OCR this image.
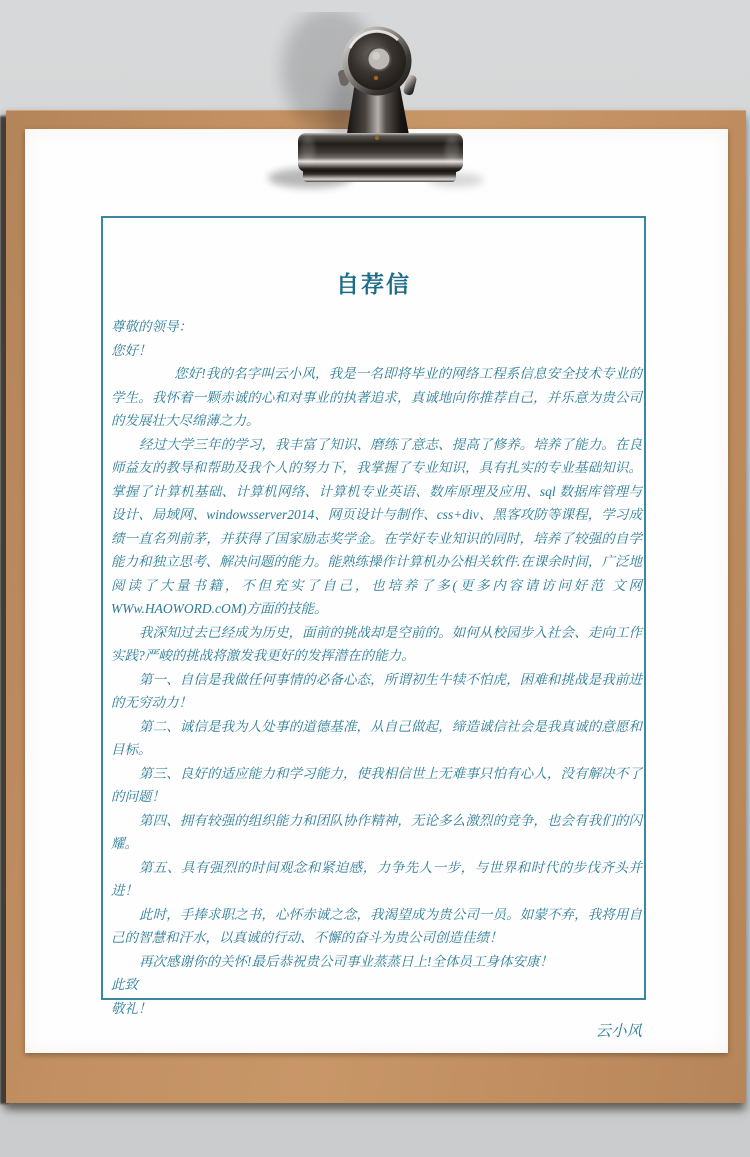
自荐信

尊敬的领导：

您好！

您好!我的名字叫云小风，我是一名即将毕业的网络工程系信息安全技术专业的学生。我怀着一颗赤诚的心和对事业的执著追求，真诚地向你推荐自己，并乐意为贵公司的发展壮大尽绵薄之力。

经过大学三年的学习，我丰富了知识、磨练了意志、提高了修养。培养了能力。在良师益友的教导和帮助及我个人的努力下，我掌握了专业知识，具有扎实的专业基础知识。掌握了计算机基础、计算机网络、计算机专业英语、数库原理及应用、sql 数据库管理与设计、局域网、windowsserver2014、网页设计与制作、css+div、黑客攻防等课程，学习成绩一直名列前茅，并获得了国家励志奖学金。在学好专业知识的同时，培养了较强的自学能力和独立思考、解决问题的能力。能熟练操作计算机办公相关软件.在课余时间，广泛地阅读了大量书籍，不但充实了自己，也培养了多(更多内容请访问好范 文网 WWw.HAOWORD.cOM)方面的技能。

我深知过去已经成为历史，面前的挑战却是空前的。如何从校园步入社会、走向工作实践?严峻的挑战将激发我更好的发挥潜在的能力。

第一、自信是我做任何事情的必备心态，所谓初生牛犊不怕虎，困难和挑战是我前进的无穷动力！

第二、诚信是我为人处事的道德基准，从自己做起，缔造诚信社会是我真诚的意愿和目标。

第三、良好的适应能力和学习能力，使我相信世上无难事只怕有心人，没有解决不了的问题！

第四、拥有较强的组织能力和团队协作精神，无论多么激烈的竞争，也会有我们的闪耀。

第五、具有强烈的时间观念和紧迫感，力争先人一步，与世界和时代的步伐齐头并进！

此时，手捧求职之书，心怀赤诚之念，我渴望成为贵公司一员。如蒙不弃，我将用自己的智慧和汗水，以真诚的行动、不懈的奋斗为贵公司创造佳绩！

再次感谢你的关怀!最后恭祝贵公司事业蒸蒸日上!全体员工身体安康！

此致

敬礼！

云小风
